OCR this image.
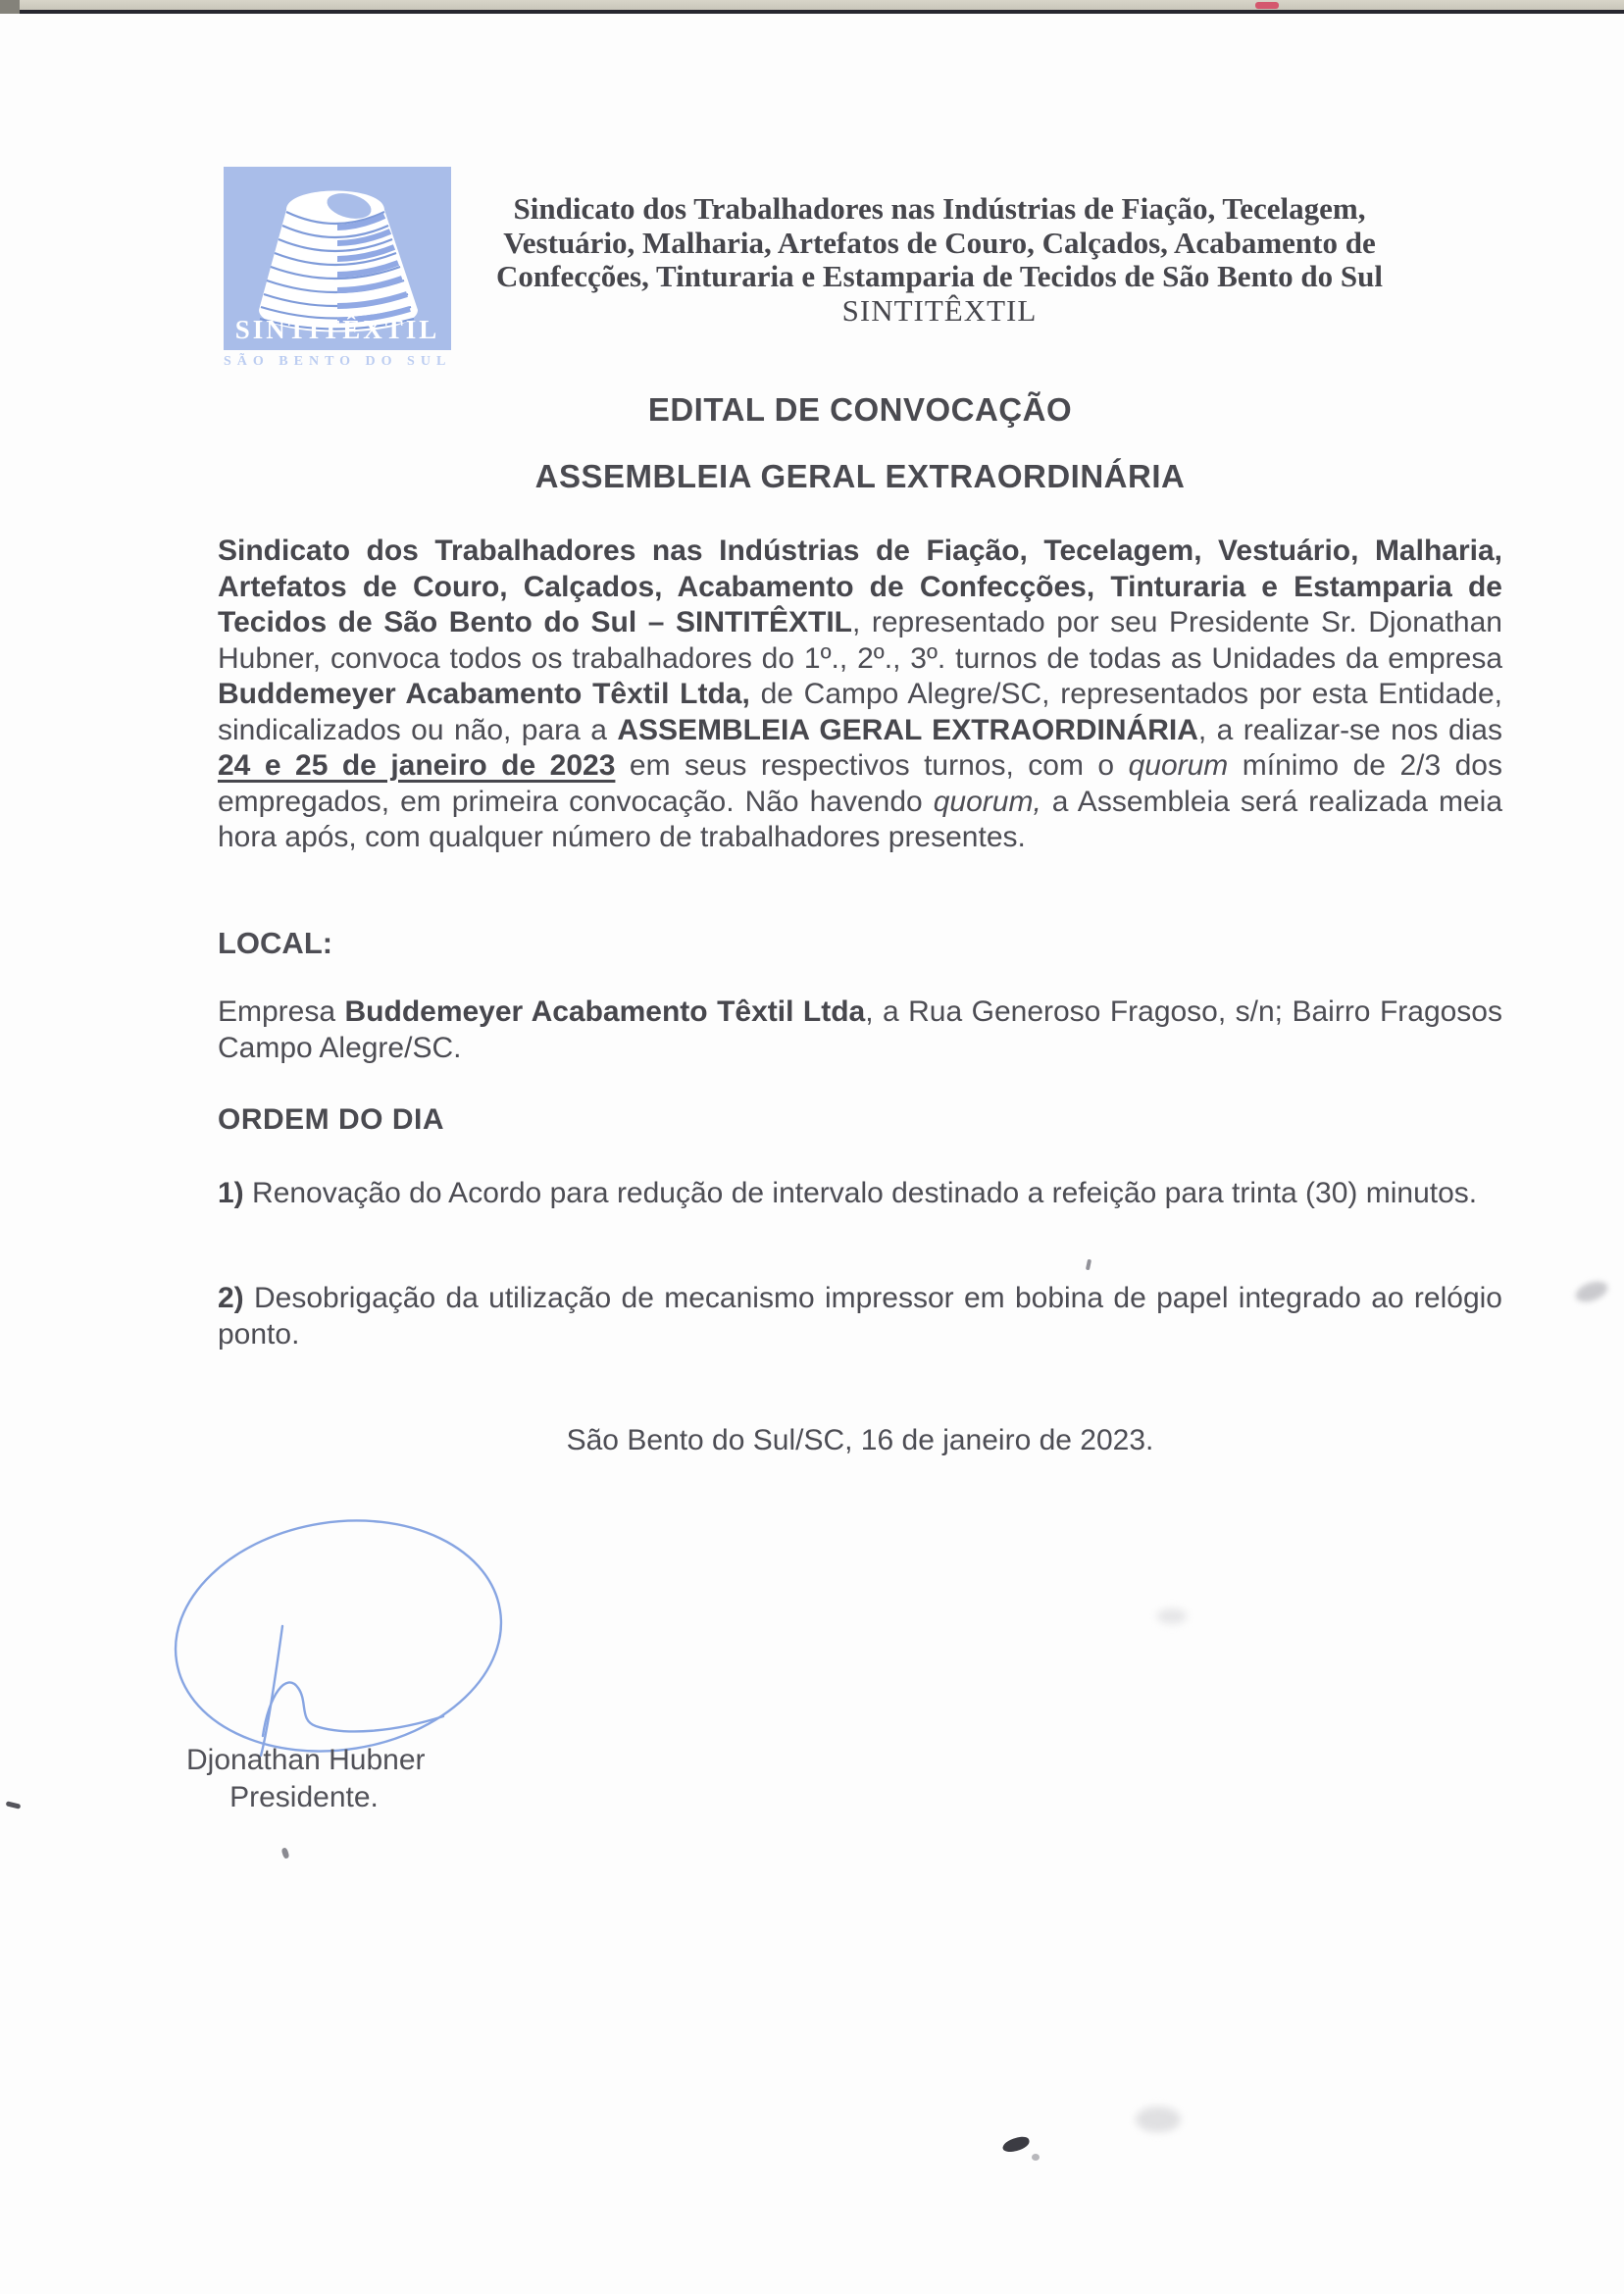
SINTITÊXTIL
SÃO BENTO DO SUL
Sindicato dos Trabalhadores nas Indústrias de Fiação, Tecelagem,
Vestuário, Malharia, Artefatos de Couro, Calçados, Acabamento de
Confecções, Tinturaria e Estamparia de Tecidos de São Bento do Sul
SINTITÊXTIL
EDITAL DE CONVOCAÇÃO
ASSEMBLEIA GERAL EXTRAORDINÁRIA
Sindicato dos Trabalhadores nas Indústrias de Fiação, Tecelagem, Vestuário, Malharia, Artefatos de Couro, Calçados, Acabamento de Confecções, Tinturaria e Estamparia de Tecidos de São Bento do Sul – SINTITÊXTIL, representado por seu Presidente Sr. Djonathan Hubner, convoca todos os trabalhadores do 1º., 2º., 3º. turnos de todas as Unidades da empresa Buddemeyer Acabamento Têxtil Ltda, de Campo Alegre/SC, representados por esta Entidade, sindicalizados ou não, para a ASSEMBLEIA GERAL EXTRAORDINÁRIA, a realizar-se nos dias 24 e 25 de janeiro de 2023 em seus respectivos turnos, com o quorum mínimo de 2/3 dos empregados, em primeira convocação. Não havendo quorum, a Assembleia será realizada meia hora após, com qualquer número de trabalhadores presentes.
LOCAL:
Empresa Buddemeyer Acabamento Têxtil Ltda, a Rua Generoso Fragoso, s/n; Bairro Fragosos Campo Alegre/SC.
ORDEM DO DIA
1) Renovação do Acordo para redução de intervalo destinado a refeição para trinta (30) minutos.
2) Desobrigação da utilização de mecanismo impressor em bobina de papel integrado ao relógio ponto.
São Bento do Sul/SC, 16 de janeiro de 2023.
Djonathan Hubner
Presidente.
